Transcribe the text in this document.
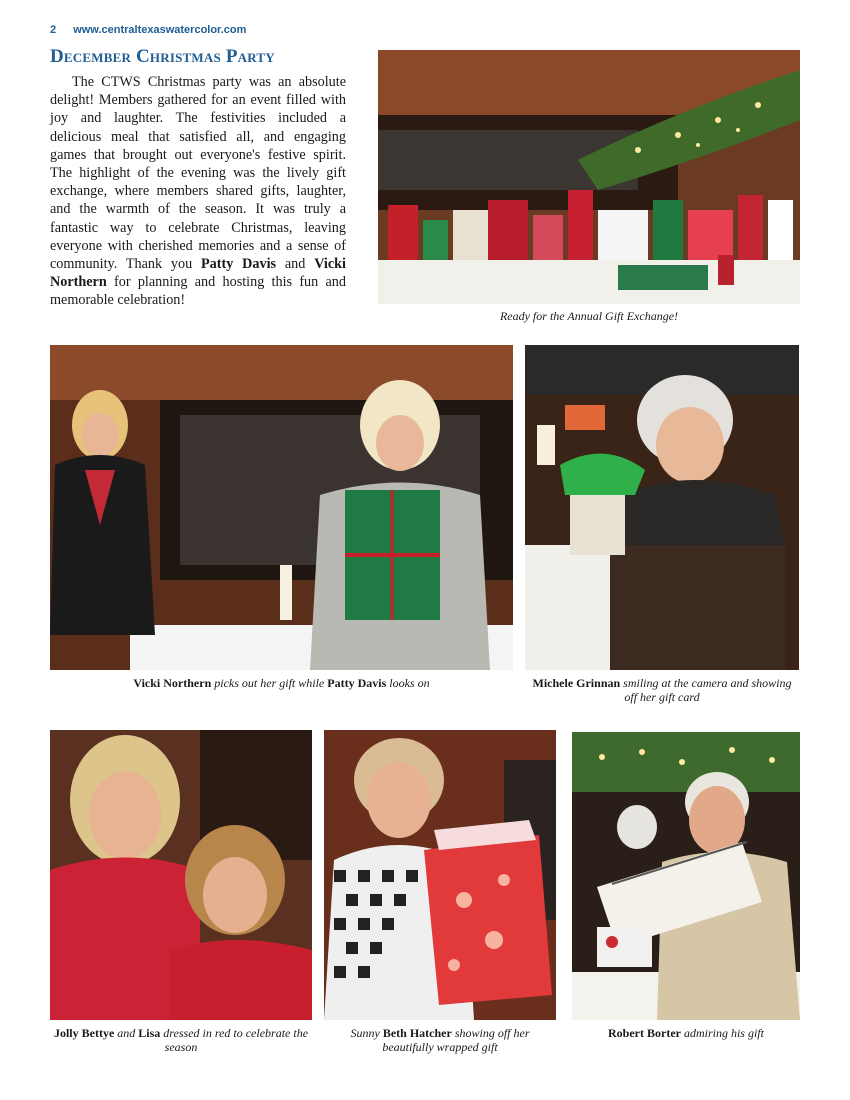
2 www.centraltexaswatercolor.com
December Christmas Party

The CTWS Christmas party was an absolute delight! Members gathered for an event filled with joy and laughter. The festivities included a delicious meal that satisfied all, and engaging games that brought out everyone's festive spirit. The highlight of the evening was the lively gift exchange, where members shared gifts, laughter, and the warmth of the season. It was truly a fantastic way to celebrate Christmas, leaving everyone with cherished memories and a sense of community. Thank you Patty Davis and Vicki Northern for planning and hosting this fun and memorable celebration!

Ready for the Annual Gift Exchange!
Vicki Northern picks out her gift while Patty Davis looks on	Michele Grinnan smiling at the camera and showing off her gift card
Jolly Bettye and Lisa dressed in red to celebrate the season
Sunny Beth Hatcher showing off her beautifully wrapped gift
Robert Borter admiring his gift
